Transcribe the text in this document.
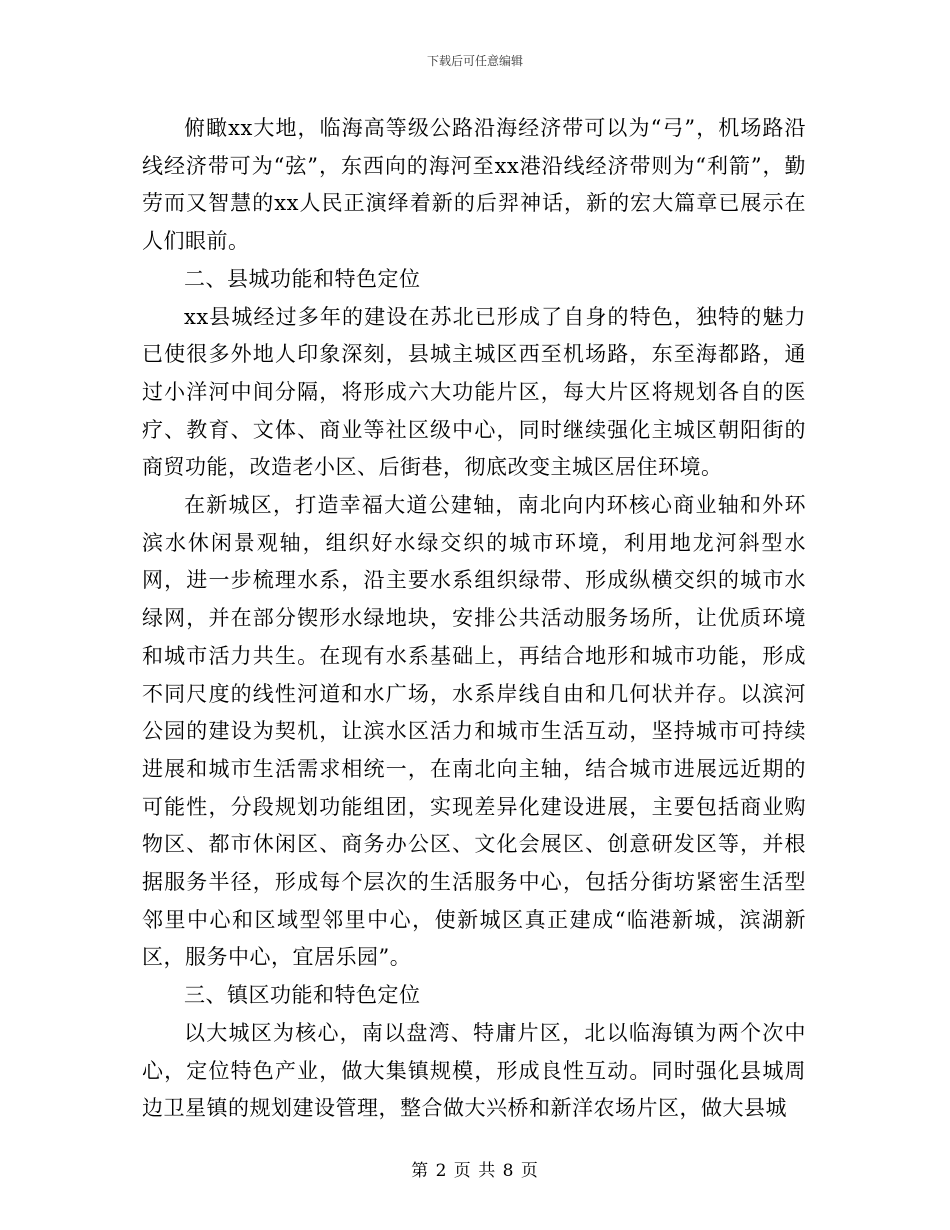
下载后可任意编辑

俯瞰xx大地，临海高等级公路沿海经济带可以为“弓”，机场路沿线经济带可为“弦”，东西向的海河至xx港沿线经济带则为“利箭”，勤劳而又智慧的xx人民正演绎着新的后羿神话，新的宏大篇章已展示在人们眼前。

二、县城功能和特色定位

xx县城经过多年的建设在苏北已形成了自身的特色，独特的魅力已使很多外地人印象深刻，县城主城区西至机场路，东至海都路，通过小洋河中间分隔，将形成六大功能片区，每大片区将规划各自的医疗、教育、文体、商业等社区级中心，同时继续强化主城区朝阳街的商贸功能，改造老小区、后街巷，彻底改变主城区居住环境。

在新城区，打造幸福大道公建轴，南北向内环核心商业轴和外环滨水休闲景观轴，组织好水绿交织的城市环境，利用地龙河斜型水网，进一步梳理水系，沿主要水系组织绿带、形成纵横交织的城市水绿网，并在部分锲形水绿地块，安排公共活动服务场所，让优质环境和城市活力共生。在现有水系基础上，再结合地形和城市功能，形成不同尺度的线性河道和水广场，水系岸线自由和几何状并存。以滨河公园的建设为契机，让滨水区活力和城市生活互动，坚持城市可持续进展和城市生活需求相统一，在南北向主轴，结合城市进展远近期的可能性，分段规划功能组团，实现差异化建设进展，主要包括商业购物区、都市休闲区、商务办公区、文化会展区、创意研发区等，并根据服务半径，形成每个层次的生活服务中心，包括分街坊紧密生活型邻里中心和区域型邻里中心，使新城区真正建成“临港新城，滨湖新区，服务中心，宜居乐园”。

三、镇区功能和特色定位

以大城区为核心，南以盘湾、特庸片区，北以临海镇为两个次中心，定位特色产业，做大集镇规模，形成良性互动。同时强化县城周边卫星镇的规划建设管理，整合做大兴桥和新洋农场片区，做大县城

第 2 页 共 8 页
